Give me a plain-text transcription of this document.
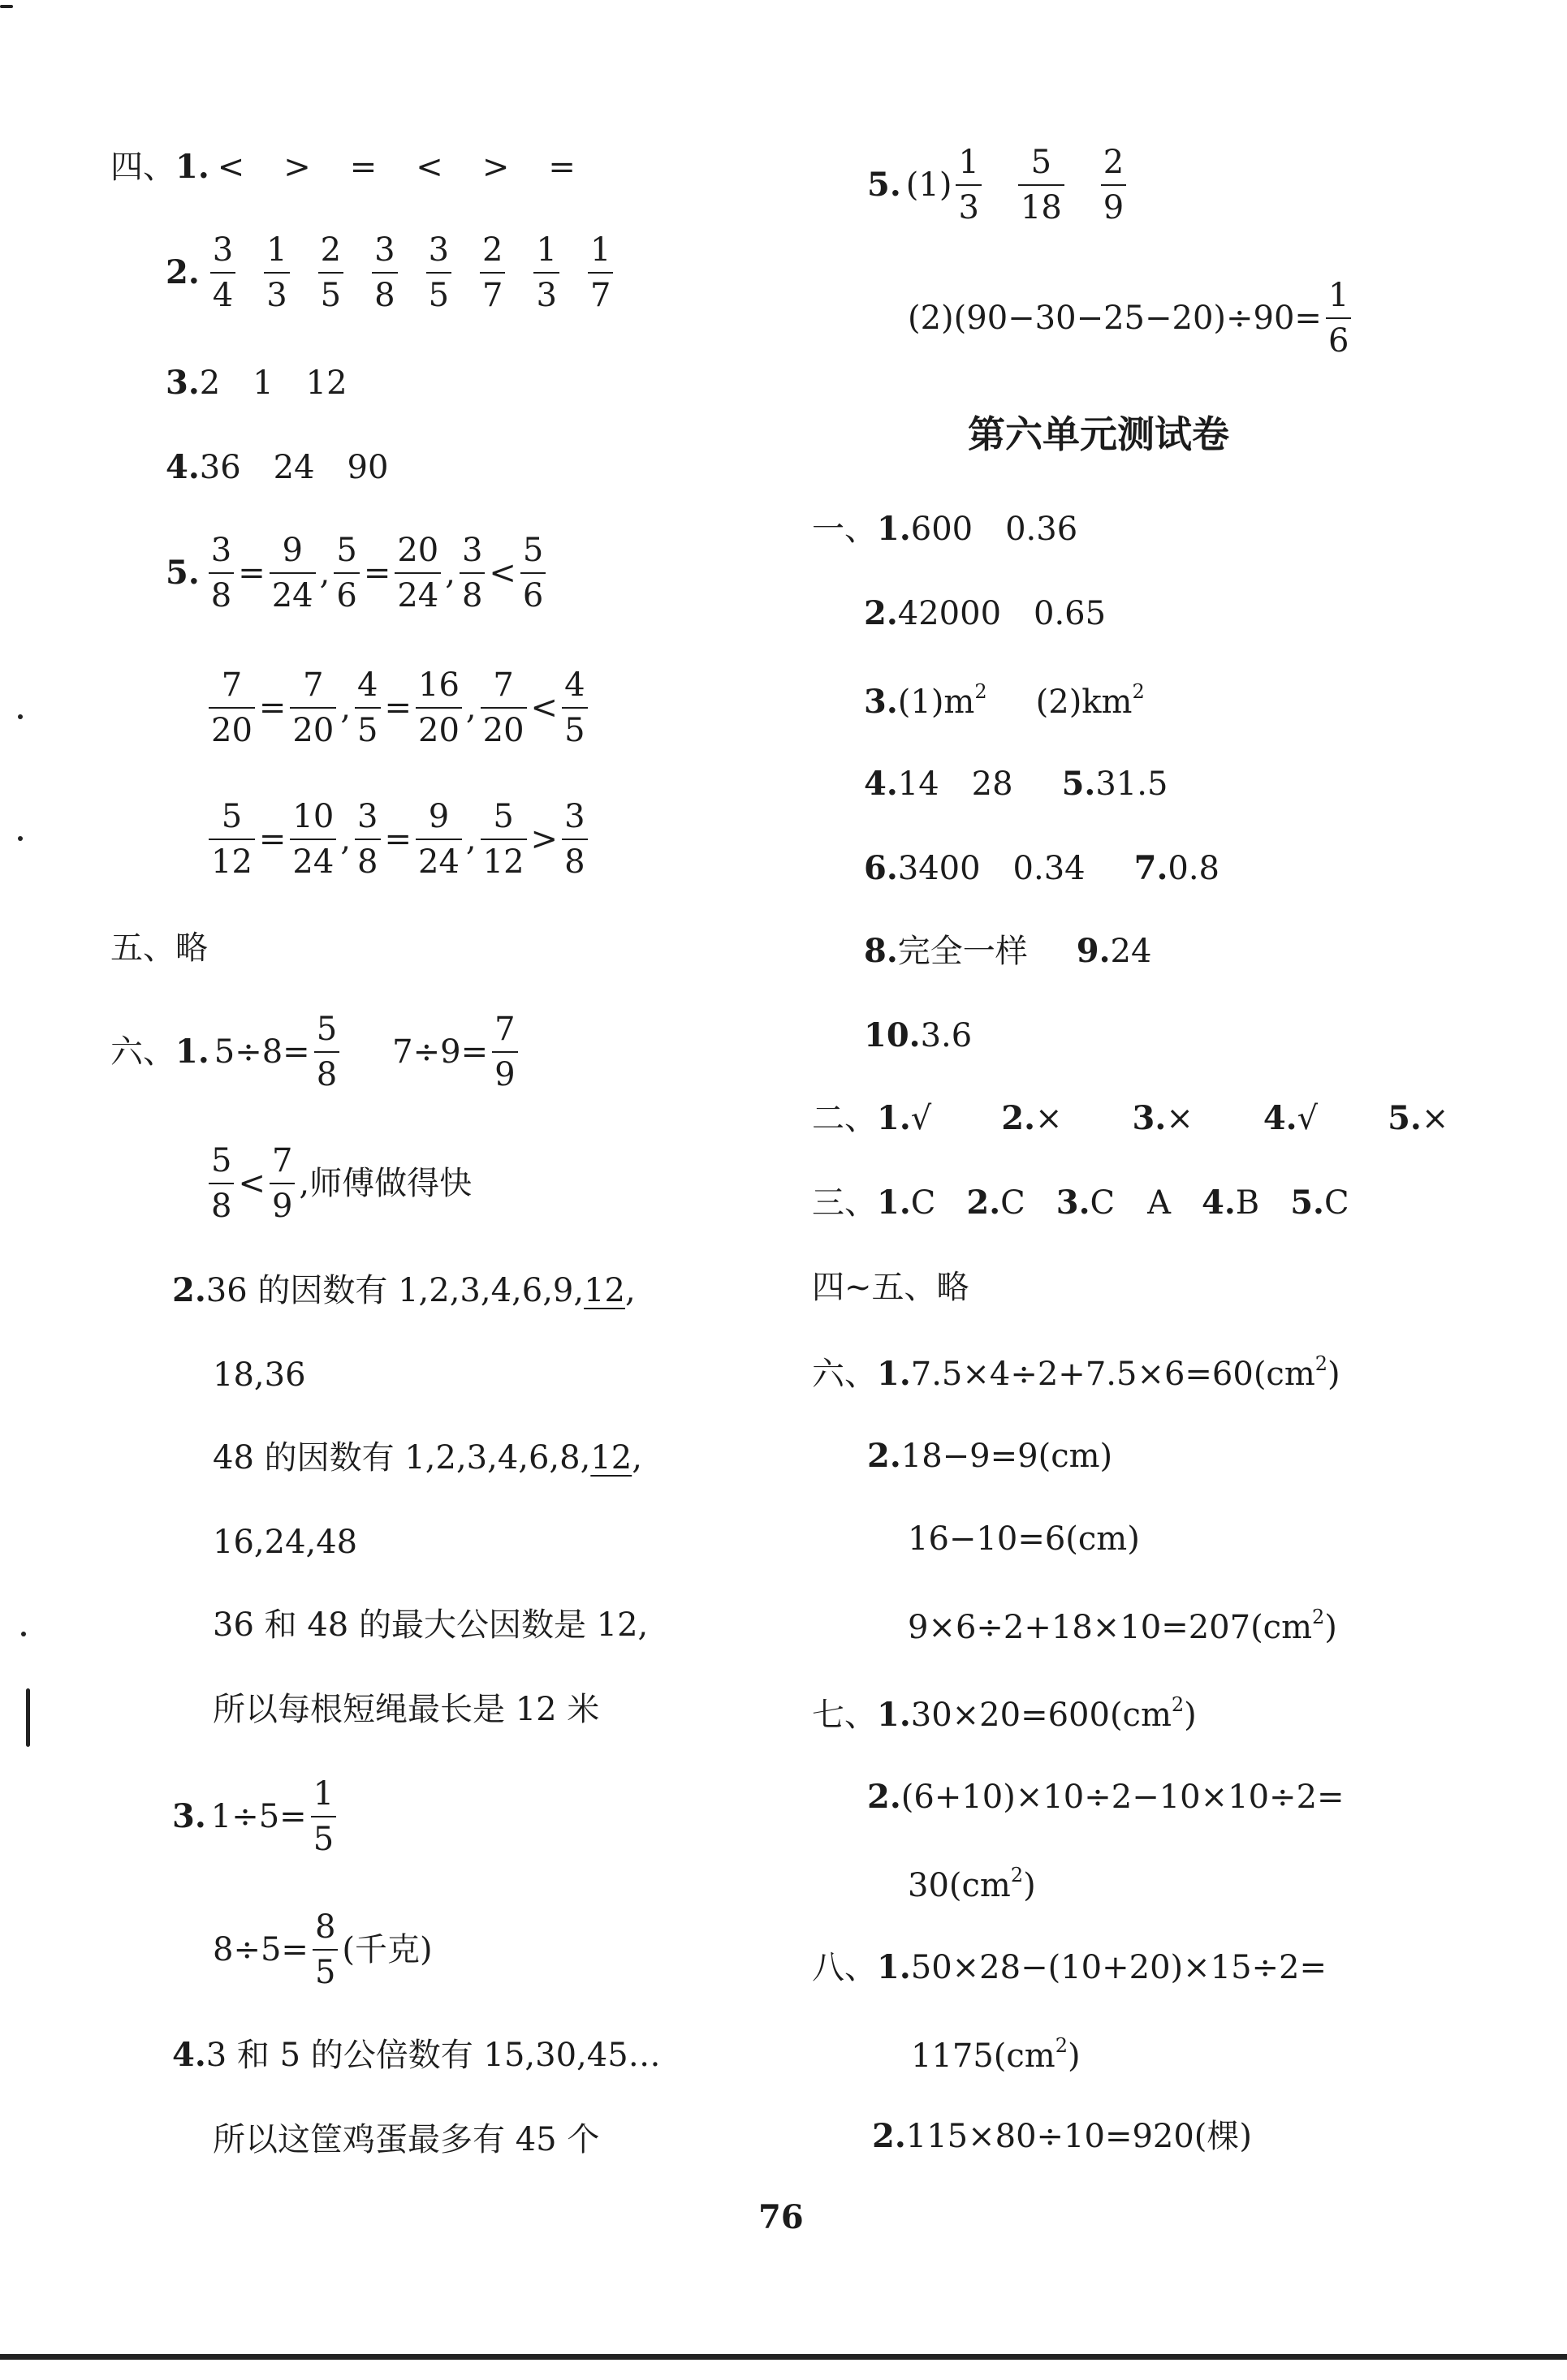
四、1. <　>　=　<　>　=
2. $\frac{3}{4} \frac{1}{3} \frac{2}{5} \frac{3}{8} \frac{3}{5} \frac{2}{7} \frac{1}{3} \frac{1}{7}$
3.2　1　12
4.36　24　90
5. $\frac{3}{8} = \frac{9}{24}$ , $\frac{5}{6} = \frac{20}{24}$ , $\frac{3}{8} < \frac{5}{6}$
$\frac{7}{20} = \frac{7}{20}$ , $\frac{4}{5} = \frac{16}{20}$ , $\frac{7}{20} < \frac{4}{5}$
$\frac{5}{12} = \frac{10}{24}$ , $\frac{3}{8} = \frac{9}{24}$ , $\frac{5}{12} > \frac{3}{8}$
五、略
六、 1. $5\div 8= \frac{5}{8} 7\div 9= \frac{7}{9}$
$\frac{5}{8} < \frac{7}{9}$ ,师傅做得快
2.36 的因数有 1,2,3,4,6,9,12,
18,36
48 的因数有 1,2,3,4,6,8,12,
16,24,48
36 和 48 的最大公因数是 12,
所以每根短绳最长是 12 米
3. $1\div 5= \frac{1}{5}$
$8\div 5= \frac{8}{5}$ (千克)
4.3 和 5 的公倍数有 15,30,45…
所以这筐鸡蛋最多有 45 个
5. $(1) \frac{1}{3} \frac{5}{18} \frac{2}{9}$
$(2)(90-30-25-20)\div 90= \frac{1}{6}$
第六单元测试卷
一、1.600　0.36
2.42000　0.65
$3.(1)m^2$ $(2)km^2$
4.14　28 5.31.5
6.3400　0.34 7.0.8
8.完全一样 9.24
10.3.6
二、1.√ 2.× 3.× 4.√ 5.×
三、1.C 2.C 3.C　A 4.B 5.C
四~五、略
六、$1.7.5\times 4\div 2+7.5\times 6=60(cm^2)$
2.18−9=9(cm)
16−10=6(cm)
$9\times 6\div 2+18\times 10=207(cm^2)$
七、$1.30\times 20=600(cm^2)$
2.(6+10)×10÷2−10×10÷2=
$30(cm^2)$
八、1.50×28−(10+20)×15÷2=
$1175(cm^2)$
2.115×80÷10=920(棵)
76
